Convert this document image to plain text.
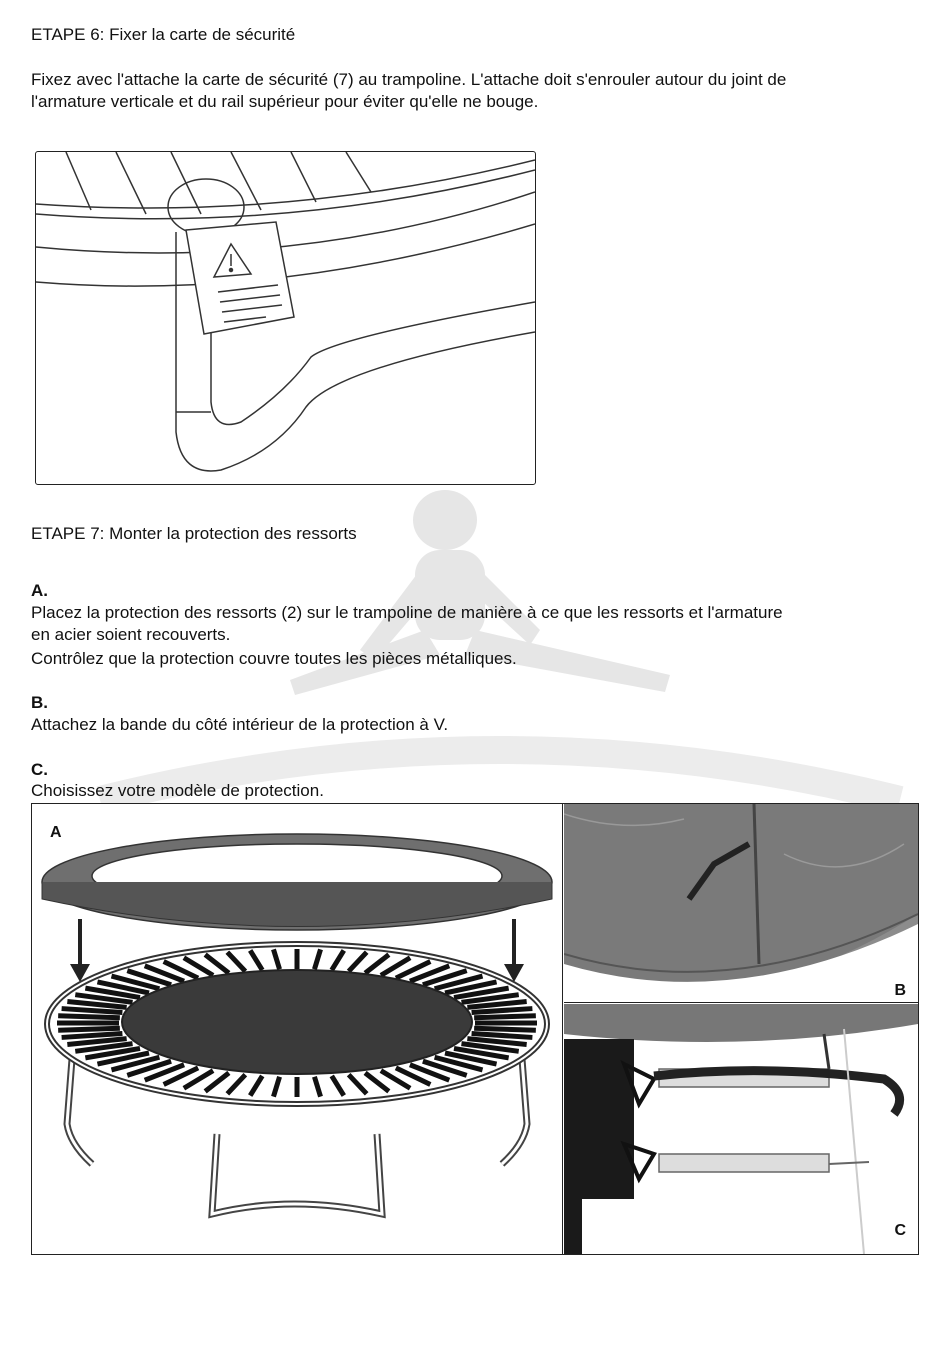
ETAPE 6: Fixer la carte de sécurité
Fixez avec l'attache la carte de sécurité (7) au trampoline. L'attache doit s'enrouler autour du joint de
l'armature verticale et du rail supérieur pour éviter qu'elle ne bouge.
ETAPE 7: Monter la protection des ressorts
A.
Placez la protection des ressorts (2) sur le trampoline de manière à ce que les ressorts et l'armature
en acier soient recouverts.
Contrôlez que la protection couvre toutes les pièces métalliques.
B.
Attachez la bande du côté intérieur de la protection à V.
C.
Choisissez votre modèle de protection.
A
B
C
